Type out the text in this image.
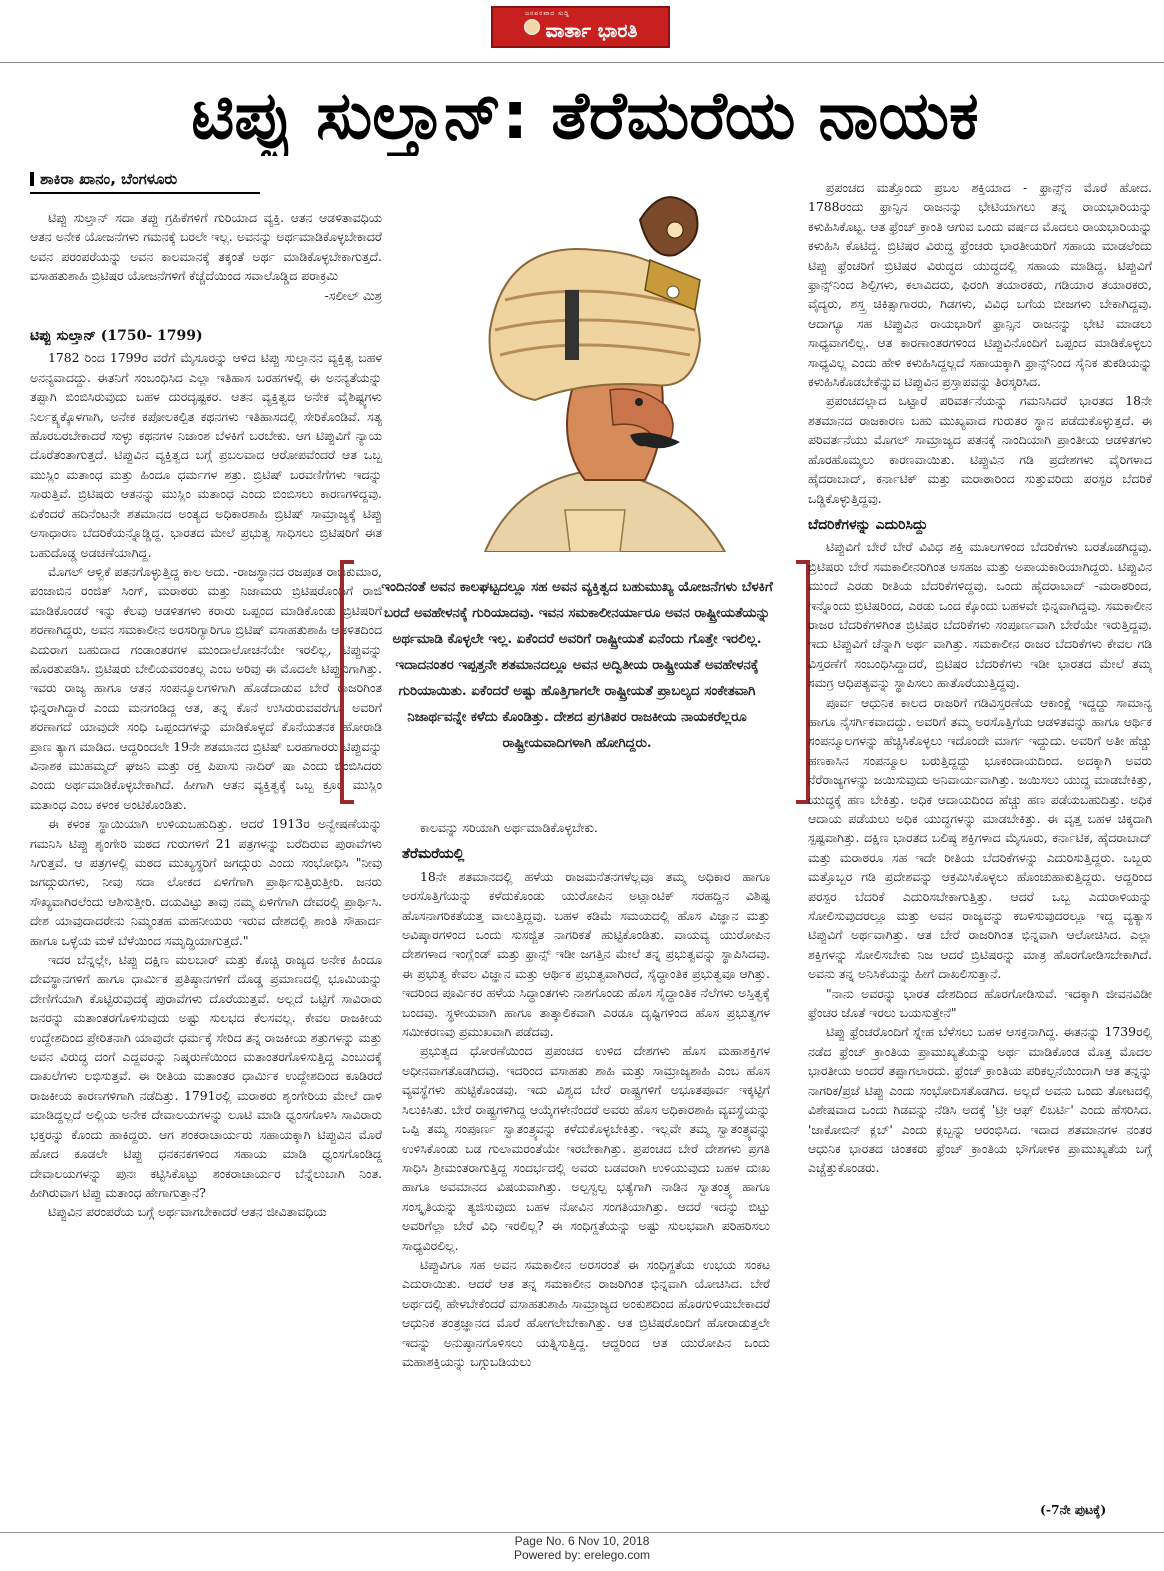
ಜನಪರವಾದ ಸುದ್ದಿ
ವಾರ್ತಾ ಭಾರತಿ
ಟಿಪ್ಪು ಸುಲ್ತಾನ್: ತೆರೆಮರೆಯ ನಾಯಕ
ಶಾಕಿರಾ ಖಾನಂ, ಬೆಂಗಳೂರು

ಟಿಪ್ಪು ಸುಲ್ತಾನ್ ಸದಾ ತಪ್ಪು ಗ್ರಹಿಕೆಗಳಿಗೆ ಗುರಿಯಾದ ವ್ಯಕ್ತಿ. ಆತನ ಆಡಳಿತಾವಧಿಯ ಆತನ ಅನೇಕ ಯೋಜನೆಗಳು ಗಮನಕ್ಕೆ ಬರಲೇ ಇಲ್ಲ. ಅವನನ್ನು ಅರ್ಥಮಾಡಿಕೊಳ್ಳಬೇಕಾದರೆ ಅವನ ಪರಂಪರೆಯನ್ನು ಅವನ ಕಾಲಮಾನಕ್ಕೆ ತಕ್ಕಂತೆ ಅರ್ಥ ಮಾಡಿಕೊಳ್ಳಬೇಕಾಗುತ್ತದೆ. ವಸಾಹತುಶಾಹಿ ಬ್ರಿಟಿಷರ ಯೋಜನೆಗಳಿಗೆ ಕೆಚ್ಚೆದೆಯಿಂದ ಸವಾಲೊಡ್ಡಿದ ಪರಾಕ್ರಮಿ

-ಸಲೀಲ್ ಮಿಶ್ರ

ಟಿಪ್ಪು ಸುಲ್ತಾನ್ (1750- 1799)

1782 ರಿಂದ 1799ರ ವರೆಗೆ ಮೈಸೂರನ್ನು ಆಳಿದ ಟಿಪ್ಪು ಸುಲ್ತಾನನ ವ್ಯಕ್ತಿತ್ವ ಬಹಳ ಅನನ್ಯವಾದದ್ದು. ಈತನಿಗೆ ಸಂಬಂಧಿಸಿದ ಎಲ್ಲಾ ಇತಿಹಾಸ ಬರಹಗಳಲ್ಲಿ ಈ ಅನನ್ಯತೆಯನ್ನು ತಪ್ಪಾಗಿ ಬಿಂಬಿಸಿರುವುದು ಬಹಳ ದುರದೃಷ್ಟಕರ. ಆತನ ವ್ಯಕ್ತಿತ್ವದ ಅನೇಕ ವೈಶಿಷ್ಟ್ಯಗಳು ನಿರ್ಲಕ್ಷ್ಯಕ್ಕೊಳಗಾಗಿ, ಅನೇಕ ಕಪೋಲಕಲ್ಪಿತ ಕಥನಗಳು ಇತಿಹಾಸದಲ್ಲಿ ಸೇರಿಕೊಂಡಿವೆ. ಸತ್ಯ ಹೊರಬರಬೇಕಾದರೆ ಸುಳ್ಳು ಕಥನಗಳ ನಿಜಾಂಶ ಬೆಳಕಿಗೆ ಬರಬೇಕು. ಆಗ ಟಿಪ್ಪುವಿಗೆ ನ್ಯಾಯ ದೊರೆತಂತಾಗುತ್ತದೆ. ಟಿಪ್ಪುವಿನ ವ್ಯಕ್ತಿತ್ವದ ಬಗ್ಗೆ ಪ್ರಬಲವಾದ ಆರೋಪವೆಂದರೆ ಆತ ಒಬ್ಬ ಮುಸ್ಲಿಂ ಮತಾಂಧ ಮತ್ತು ಹಿಂದೂ ಧರ್ಮಗಳ ಶತ್ರು. ಬ್ರಿಟಿಷ್ ಬರವಣಿಗೆಗಳು ಇದನ್ನು ಸಾರುತ್ತಿವೆ. ಬ್ರಿಟಿಷರು ಆತನನ್ನು ಮುಸ್ಲಿಂ ಮತಾಂಧ ಎಂದು ಬಿಂಬಿಸಲು ಕಾರಣಗಳಿದ್ದವು. ಏಕೆಂದರೆ ಹದಿನೆಂಟನೇ ಶತಮಾನದ ಅಂತ್ಯದ ಅಧಿಕಾರಶಾಹಿ ಬ್ರಿಟಿಷ್ ಸಾಮ್ರಾಜ್ಯಕ್ಕೆ ಟಿಪ್ಪು ಅಸಾಧಾರಣ ಬೆದರಿಕೆಯನ್ನೊಡ್ಡಿದ್ದ. ಭಾರತದ ಮೇಲೆ ಪ್ರಭುತ್ವ ಸಾಧಿಸಲು ಬ್ರಿಟಿಷರಿಗೆ ಈತ ಬಹುದೊಡ್ಡ ಅಡಚಣೆಯಾಗಿದ್ದ.

ಮೊಗಲ್ ಆಳ್ವಿಕೆ ಪತನಗೊಳ್ಳುತ್ತಿದ್ದ ಕಾಲ ಅದು. -ರಾಜಸ್ಥಾನದ ರಜಪೂತ ರಾಜಕುಮಾರ, ಪಂಜಾಬಿನ ರಂಜಿತ್ ಸಿಂಗ್, ಮರಾಠರು ಮತ್ತು ನಿಜಾಮರು ಬ್ರಿಟಿಷರೊಂದಿಗೆ ರಾಜಿ ಮಾಡಿಕೊಂಡರೆ ಇನ್ನು ಕೆಲವು ಆಡಳಿತಗಳು ಕರಾರು ಒಪ್ಪಂದ ಮಾಡಿಕೊಂಡು ಬ್ರಿಟಿಷರಿಗೆ ಶರಣಾಗಿದ್ದರು, ಅವನ ಸಮಕಾಲೀನ ಅರಸರಿಗ್ಯಾರಿಗೂ ಬ್ರಿಟಿಷ್ ವಸಾಹತುಶಾಹಿ ಆಡಳಿತದಿಂದ ಎದುರಾಗ ಬಹುದಾದ ಗಂಡಾಂತರಗಳ ಮುಂದಾಲೋಚನೆಯೇ ಇರಲಿಲ್ಲ, ಟಿಪ್ಪುವನ್ನು ಹೊರತುಪಡಿಸಿ. ಬ್ರಿಟಿಷರು ಬೇಲಿಯವರಂತಲ್ಲ ಎಂಬ ಅರಿವು ಈ ಮೊದಲೇ ಟಿಪ್ಪುವಿಗಾಗಿತ್ತು. ಇವರು ರಾಜ್ಯ ಹಾಗೂ ಆತನ ಸಂಪನ್ಮೂಲಗಳಿಗಾಗಿ ಹೊಡೆದಾಡುವ ಬೇರೆ ರಾಜರಿಗಿಂತ ಭಿನ್ನರಾಗಿದ್ದಾರೆ ಎಂದು ಮನಗಂಡಿದ್ದ ಆತ, ತನ್ನ ಕೊನೆ ಉಸಿರುರುವವರೆಗೂ ಅವರಿಗೆ ಶರಣಾಗದೆ ಯಾವುದೇ ಸಂಧಿ ಒಪ್ಪಂದಗಳನ್ನು ಮಾಡಿಕೊಳ್ಳದೆ ಕೊನೆಯತನಕ ಹೋರಾಡಿ ಪ್ರಾಣ ತ್ಯಾಗ ಮಾಡಿದ. ಆದ್ದರಿಂದಲೇ 19ನೇ ಶತಮಾನದ ಬ್ರಿಟಿಷ್ ಬರಹಗಾರರು ಟಿಪ್ಪುವನ್ನು ವಿನಾಶಕ ಮುಹಮ್ಮದ್ ಘಜನಿ ಮತ್ತು ರಕ್ತ ಪಿಪಾಸು ನಾದಿರ್ ಷಾ ಎಂದು ಬಿಂಬಿಸಿದರು ಎಂದು ಅರ್ಥಮಾಡಿಕೊಳ್ಳಬೇಕಾಗಿದೆ. ಹೀಗಾಗಿ ಆತನ ವ್ಯಕ್ತಿತ್ವಕ್ಕೆ ಒಬ್ಬ ಕ್ರೂರ ಮುಸ್ಲಿಂ ಮತಾಂಧ ಎಂಬ ಕಳಂಕ ಅಂಟಿಕೊಂಡಿತು.

ಈ ಕಳಂಕ ಸ್ಥಾಯಿಯಾಗಿ ಉಳಿಯಬಹುದಿತ್ತು. ಆದರೆ 1913ರ ಅನ್ವೇಷಣೆಯನ್ನು ಗಮನಿಸಿ ಟಿಪ್ಪು ಶೃಂಗೇರಿ ಮಠದ ಗುರುಗಳಿಗೆ 21 ಪತ್ರಗಳನ್ನು ಬರೆದಿರುವ ಪುರಾವೆಗಳು ಸಿಗುತ್ತವೆ. ಆ ಪತ್ರಗಳಲ್ಲಿ ಮಠದ ಮುಖ್ಯಸ್ಥರಿಗೆ ಜಗದ್ಗುರು ಎಂದು ಸಂಭೋಧಿಸಿ "ನೀವು ಜಗದ್ಗುರುಗಳು, ನೀವು ಸದಾ ಲೋಕದ ಏಳಿಗೆಗಾಗಿ ಪ್ರಾರ್ಥಿಸುತ್ತಿರುತ್ತೀರಿ. ಜನರು ಸೌಖ್ಯವಾಗಿರಲೆಂದು ಆಶಿಸುತ್ತೀರಿ. ದಯವಿಟ್ಟು ತಾವು ನಮ್ಮ ಏಳಿಗೆಗಾಗಿ ದೇವರಲ್ಲಿ ಪ್ರಾರ್ಥಿಸಿ. ದೇಶ ಯಾವುದಾದರೇನು ನಿಮ್ಮಂತಹ ಮಹನೀಯರು ಇರುವ ದೇಶದಲ್ಲಿ ಶಾಂತಿ ಸೌಹಾರ್ದ ಹಾಗೂ ಒಳ್ಳೆಯ ಮಳೆ ಬೆಳೆಯಿಂದ ಸಮೃದ್ಧಿಯಾಗುತ್ತದೆ."

ಇದರ ಬೆನ್ನಲ್ಲೇ, ಟಿಪ್ಪು ದಕ್ಷಿಣ ಮಲಬಾರ್ ಮತ್ತು ಕೊಚ್ಚಿ ರಾಜ್ಯದ ಅನೇಕ ಹಿಂದೂ ದೇವಸ್ಥಾನಗಳಿಗೆ ಹಾಗೂ ಧಾರ್ಮಿಕ ಪ್ರತಿಷ್ಠಾನಗಳಿಗೆ ದೊಡ್ಡ ಪ್ರಮಾಣದಲ್ಲಿ ಭೂಮಿಯನ್ನು ದೇಣಿಗೆಯಾಗಿ ಕೊಟ್ಟಿರುವುದಕ್ಕೆ ಪುರಾವೆಗಳು ದೊರೆಯುತ್ತವೆ. ಅಲ್ಲದೆ ಒಟ್ಟಿಗೆ ಸಾವಿರಾರು ಜನರನ್ನು ಮತಾಂತರಗೊಳಿಸುವುದು ಅಷ್ಟು ಸುಲಭದ ಕೆಲಸವಲ್ಲ. ಕೇವಲ ರಾಜಕೀಯ ಉದ್ದೇಶದಿಂದ ಪ್ರೇರಿತನಾಗಿ ಯಾವುದೇ ಧರ್ಮಕ್ಕೆ ಸೇರಿದ ತನ್ನ ರಾಜಕೀಯ ಶತ್ರುಗಳನ್ನು ಮತ್ತು ಅವನ ವಿರುದ್ಧ ದಂಗೆ ಎದ್ದವರನ್ನು ನಿಷ್ಕರುಣೆಯಿಂದ ಮತಾಂತರಗೊಳಿಸುತ್ತಿದ್ದ ಎಂಬುದಕ್ಕೆ ದಾಖಲೆಗಳು ಲಭಿಸುತ್ತವೆ. ಈ ರೀತಿಯ ಮತಾಂತರ ಧಾರ್ಮಿಕ ಉದ್ದೇಶದಿಂದ ಕೂಡಿರದೆ ರಾಜಕೀಯ ಕಾರಣಗಳಿಗಾಗಿ ನಡೆದಿತ್ತು. 1791ರಲ್ಲಿ ಮರಾಠರು ಶೃಂಗೇರಿಯ ಮೇಲೆ ದಾಳಿ ಮಾಡಿದ್ದಲ್ಲದೆ ಅಲ್ಲಿಯ ಅನೇಕ ದೇವಾಲಯಗಳನ್ನು ಲೂಟಿ ಮಾಡಿ ಧ್ವಂಸಗೊಳಿಸಿ ಸಾವಿರಾರು ಭಕ್ತರನ್ನು ಕೊಂದು ಹಾಕಿದ್ದರು. ಆಗ ಶಂಕರಾಚಾರ್ಯರು ಸಹಾಯಕ್ಕಾಗಿ ಟಿಪ್ಪುವಿನ ಮೊರೆ ಹೋದ ಕೂಡಲೇ ಟಿಪ್ಪು ಧನಕನಕಗಳಿಂದ ಸಹಾಯ ಮಾಡಿ ಧ್ವಂಸಗೊಂಡಿದ್ದ ದೇವಾಲಯಗಳನ್ನು ಪುನಃ ಕಟ್ಟಿಸಿಕೊಟ್ಟು ಶಂಕರಾಚಾರ್ಯರ ಬೆನ್ನೆಲುಬಾಗಿ ನಿಂತ. ಹೀಗಿರುವಾಗ ಟಿಪ್ಪು ಮತಾಂಧ ಹೇಗಾಗುತ್ತಾನೆ?

ಟಿಪ್ಪುವಿನ ಪರಂಪರೆಯ ಬಗ್ಗೆ ಅರ್ಥವಾಗಬೇಕಾದರೆ ಆತನ ಜೀವಿತಾವಧಿಯ

ಇಂದಿನಂತೆ ಅವನ ಕಾಲಘಟ್ಟದಲ್ಲೂ ಸಹ ಅವನ ವ್ಯಕ್ತಿತ್ವದ ಬಹುಮುಖ್ಯ ಯೋಜನೆಗಳು ಬೆಳಕಿಗೆ ಬರದೆ ಅವಹೇಳನಕ್ಕೆ ಗುರಿಯಾದವು. ಇವನ ಸಮಕಾಲೀನರ್ಯಾರೂ ಅವನ ರಾಷ್ಟ್ರೀಯತೆಯನ್ನು ಅರ್ಥಮಾಡಿ ಕೊಳ್ಳಲೇ ಇಲ್ಲ. ಏಕೆಂದರೆ ಅವರಿಗೆ ರಾಷ್ಟ್ರೀಯತೆ ಏನೆಂದು ಗೊತ್ತೇ ಇರಲಿಲ್ಲ. ಇದಾದನಂತರ ಇಪ್ಪತ್ತನೇ ಶತಮಾನದಲ್ಲೂ ಅವನ ಅದ್ವಿತೀಯ ರಾಷ್ಟ್ರೀಯತೆ ಅವಹೇಳನಕ್ಕೆ ಗುರಿಯಾಯಿತು. ಏಕೆಂದರೆ ಅಷ್ಟು ಹೊತ್ತಿಗಾಗಲೇ ರಾಷ್ಟ್ರೀಯತೆ ಪ್ರಾಬಲ್ಯದ ಸಂಕೇತವಾಗಿ ನಿಜಾರ್ಥವನ್ನೇ ಕಳೆದು ಕೊಂಡಿತ್ತು. ದೇಶದ ಪ್ರಗತಿಪರ ರಾಜಕೀಯ ನಾಯಕರೆಲ್ಲರೂ ರಾಷ್ಟ್ರೀಯವಾದಿಗಳಾಗಿ ಹೋಗಿದ್ದರು.

ಕಾಲವನ್ನು ಸರಿಯಾಗಿ ಅರ್ಥಮಾಡಿಕೊಳ್ಳಬೇಕು.

ತೆರೆಮರೆಯಲ್ಲಿ

18ನೇ ಶತಮಾನದಲ್ಲಿ ಹಳೆಯ ರಾಜಮನೆತನಗಳೆಲ್ಲವೂ ತಮ್ಮ ಅಧಿಕಾರ ಹಾಗೂ ಅರಸೊತ್ತಿಗೆಯನ್ನು ಕಳೆದುಕೊಂಡು ಯುರೋಪಿನ ಅಟ್ಲಾಂಟಿಕ್ ಸರಹದ್ದಿನ ವಿಶಿಷ್ಟ ಹೊಸನಾಗರಿಕತೆಯತ್ತ ವಾಲುತ್ತಿದ್ದವು. ಬಹಳ ಕಡಿಮೆ ಸಮಯದಲ್ಲಿ ಹೊಸ ವಿಜ್ಞಾನ ಮತ್ತು ಅವಿಷ್ಕಾರಗಳಿಂದ ಒಂದು ಸುಸಜ್ಜಿತ ನಾಗರಿಕತೆ ಹುಟ್ಟಿಕೊಂಡಿತು. ವಾಯವ್ಯ ಯುರೋಪಿನ ದೇಶಗಳಾದ ಇಂಗ್ಲೆಂಡ್ ಮತ್ತು ಫ್ರಾನ್ಸ್ ಇಡೀ ಜಗತ್ತಿನ ಮೇಲೆ ತನ್ನ ಪ್ರಭುತ್ವವನ್ನು ಸ್ಥಾಪಿಸಿದವು. ಈ ಪ್ರಭುತ್ವ ಕೇವಲ ವಿಜ್ಞಾನ ಮತ್ತು ಆರ್ಥಿಕ ಪ್ರಭುತ್ವವಾಗಿರದೆ, ಸೈದ್ಧಾಂತಿಕ ಪ್ರಭುತ್ವವೂ ಆಗಿತ್ತು. ಇದರಿಂದ ಪೂರ್ವಿಕರ ಹಳೆಯ ಸಿದ್ಧಾಂತಗಳು ನಾಶಗೊಂಡು ಹೊಸ ಸೈದ್ಧಾಂತಿಕ ನೆಲೆಗಳು ಅಸ್ತಿತ್ವಕ್ಕೆ ಬಂದವು. ಸ್ಥಳೀಯವಾಗಿ ಹಾಗೂ ತಾತ್ಕಾಲಿಕವಾಗಿ ಎರಡೂ ದೃಷ್ಟಿಗಳಿಂದ ಹೊಸ ಪ್ರಭುತ್ವಗಳ ಸಮೀಕರಣವು ಪ್ರಮುಖವಾಗಿ ಪಡೆದವು.

ಪ್ರಭುತ್ವದ ಧೋರಣೆಯಿಂದ ಪ್ರಪಂಚದ ಉಳಿದ ದೇಶಗಳು ಹೊಸ ಮಹಾಶಕ್ತಿಗಳ ಅಧೀನವಾಗತೊಡಗಿದವು. ಇದರಿಂದ ವಸಾಹತು ಶಾಹಿ ಮತ್ತು ಸಾಮ್ರಾಜ್ಯಶಾಹಿ ಎಂಬ ಹೊಸ ವ್ಯವಸ್ಥೆಗಳು ಹುಟ್ಟಿಕೊಂಡವು. ಇದು ವಿಶ್ವದ ಬೇರೆ ರಾಷ್ಟ್ರಗಳಿಗೆ ಅಭೂತಪೂರ್ವ ಇಕ್ಕಟ್ಟಿಗೆ ಸಿಲುಕಿಸಿತು. ಬೇರೆ ರಾಷ್ಟ್ರಗಳಿಗಿದ್ದ ಆಯ್ಕೆಗಳೇನೆಂದರೆ ಅವರು ಹೊಸ ಅಧಿಕಾರಶಾಹಿ ವ್ಯವಸ್ಥೆಯನ್ನು ಒಪ್ಪಿ ತಮ್ಮ ಸಂಪೂರ್ಣ ಸ್ವಾತಂತ್ರ್ಯವನ್ನು ಕಳೆದುಕೊಳ್ಳಬೇಕಿತ್ತು. ಇಲ್ಲವೇ ತಮ್ಮ ಸ್ವಾತಂತ್ರ್ಯವನ್ನು ಉಳಿಸಿಕೊಂಡು ಬಡ ಗುಲಾಮರಂತೆಯೇ ಇರಬೇಕಾಗಿತ್ತು. ಪ್ರಪಂಚದ ಬೇರೆ ದೇಶಗಳು ಪ್ರಗತಿ ಸಾಧಿಸಿ ಶ್ರೀಮಂತರಾಗುತ್ತಿದ್ದ ಸಂದರ್ಭದಲ್ಲಿ ಅವರು ಬಡವರಾಗಿ ಉಳಿಯುವುದು ಬಹಳ ದುಃಖ ಹಾಗೂ ಅವಮಾನದ ವಿಷಯವಾಗಿತ್ತು. ಅಲ್ಪಸ್ವಲ್ಪ ಭತ್ಯೆಗಾಗಿ ನಾಡಿನ ಸ್ವಾತಂತ್ರ್ಯ ಹಾಗೂ ಸಂಸ್ಕೃತಿಯನ್ನು ತ್ಯಜಿಸುವುದು ಬಹಳ ನೋವಿನ ಸಂಗತಿಯಾಗಿತ್ತು. ಆದರೆ ಇದನ್ನು ಬಿಟ್ಟು ಅವರಿಗೆಲ್ಲಾ ಬೇರೆ ವಿಧಿ ಇರಲಿಲ್ಲ? ಈ ಸಂಧಿಗ್ದತೆಯನ್ನು ಅಷ್ಟು ಸುಲಭವಾಗಿ ಪರಿಹರಿಸಲು ಸಾಧ್ಯವಿರಲಿಲ್ಲ.

ಟಿಪ್ಪುವಿಗೂ ಸಹ ಅವನ ಸಮಕಾಲೀನ ಅರಸರಂತೆ ಈ ಸಂಧಿಗ್ದತೆಯ ಉಭಯ ಸಂಕಟ ಎದುರಾಯಿತು. ಆದರೆ ಆತ ತನ್ನ ಸಮಕಾಲೀನ ರಾಜರಿಗಿಂತ ಭಿನ್ನವಾಗಿ ಯೋಚಿಸಿದ. ಬೇರೆ ಅರ್ಥದಲ್ಲಿ ಹೇಳಬೇಕೆಂದರೆ ವಸಾಹತುಶಾಹಿ ಸಾಮ್ರಾಜ್ಯದ ಅಂಕುಶದಿಂದ ಹೊರಗುಳಿಯಬೇಕಾದರೆ ಆಧುನಿಕ ತಂತ್ರಜ್ಞಾನದ ಮೊರೆ ಹೋಗಲೇಬೇಕಾಗಿತ್ತು. ಆತ ಬ್ರಿಟಿಷರೊಂದಿಗೆ ಹೋರಾಡುತ್ತಲೇ ಇದನ್ನು ಅನುಷ್ಠಾನಗೊಳಿಸಲು ಯತ್ನಿಸುತ್ತಿದ್ದ. ಆದ್ದರಿಂದ ಆತ ಯುರೋಪಿನ ಒಂದು ಮಹಾಶಕ್ತಿಯನ್ನು ಬಗ್ಗುಬಡಿಯಲು

ಪ್ರಪಂಚದ ಮತ್ತೊಂದು ಪ್ರಬಲ ಶಕ್ತಿಯಾದ - ಫ್ರಾನ್ಸ್‌ನ ಮೊರೆ ಹೋದ. 1788ರಂದು ಫ್ರಾನ್ಸಿನ ರಾಜನನ್ನು ಭೇಟಿಯಾಗಲು ತನ್ನ ರಾಯಭಾರಿಯನ್ನು ಕಳುಹಿಸಿಕೊಟ್ಟ. ಆತ ಫ್ರೆಂಚ್ ಕ್ರಾಂತಿ ಆಗುವ ಒಂದು ವರ್ಷದ ಮೊದಲು ರಾಯಭಾರಿಯನ್ನು ಕಳುಹಿಸಿ ಕೊಟಿದ್ದ. ಬ್ರಿಟಿಷರ ವಿರುದ್ಧ ಫ್ರೆಂಚರು ಭಾರತೀಯರಿಗೆ ಸಹಾಯ ಮಾಡಲೆಂದು ಟಿಪ್ಪು ಫ್ರೆಂಚರಿಗೆ ಬ್ರಿಟಿಷರ ವಿರುದ್ಧದ ಯುದ್ಧದಲ್ಲಿ ಸಹಾಯ ಮಾಡಿದ್ದ. ಟಿಪ್ಪುವಿಗೆ ಫ್ರಾನ್ಸ್‌ನಿಂದ ಶಿಲ್ಪಿಗಳು, ಕಲಾವಿದರು, ಫಿರಂಗಿ ತಯಾರಕರು, ಗಡಿಯಾರ ತಯಾರಕರು, ವೈದ್ಯರು, ಶಸ್ತ್ರ ಚಿಕಿತ್ಸಾಗಾರರು, ಗಿಡಗಳು, ವಿವಿಧ ಬಗೆಯ ಬೀಜಗಳು ಬೇಕಾಗಿದ್ದವು. ಆದಾಗ್ಯೂ ಸಹ ಟಿಪ್ಪುವಿನ ರಾಯಭಾರಿಗೆ ಫ್ರಾನ್ಸಿನ ರಾಜನನ್ನು ಭೇಟಿ ಮಾಡಲು ಸಾಧ್ಯವಾಗಲಿಲ್ಲ. ಆತ ಕಾರಣಾಂತರಗಳಿಂದ ಟಿಪ್ಪುವಿನೊಂದಿಗೆ ಒಪ್ಪಂದ ಮಾಡಿಕೊಳ್ಳಲು ಸಾಧ್ಯವಿಲ್ಲ ಎಂದು ಹೇಳಿ ಕಳುಹಿಸಿದ್ದಲ್ಲದೆ ಸಹಾಯಕ್ಕಾಗಿ ಫ್ರಾನ್ಸ್‌ನಿಂದ ಸೈನಿಕ ತುಕಡಿಯನ್ನು ಕಳುಹಿಸಿಕೊಡಬೇಕೆನ್ನುವ ಟಿಪ್ಪುವಿನ ಪ್ರಸ್ತಾಪವನ್ನು ತಿರಸ್ಕರಿಸಿದ.

ಪ್ರಪಂಚದಲ್ಲಾದ ಒಟ್ಟಾರೆ ಪರಿವರ್ತನೆಯನ್ನು ಗಮನಿಸಿದರೆ ಭಾರತದ 18ನೇ ಶತಮಾನದ ರಾಜಕಾರಣ ಬಹು ಮುಖ್ಯವಾದ ಗುರುತರ ಸ್ಥಾನ ಪಡೆದುಕೊಳ್ಳುತ್ತದೆ. ಈ ಪರಿವರ್ತನೆಯು ಮೊಗಲ್ ಸಾಮ್ರಾಜ್ಯದ ಪತನಕ್ಕೆ ನಾಂದಿಯಾಗಿ ಪ್ರಾಂತೀಯ ಆಡಳಿತಗಳು ಹೊರಹೊಮ್ಮಲು ಕಾರಣವಾಯಿತು. ಟಿಪ್ಪುವಿನ ಗಡಿ ಪ್ರದೇಶಗಳು ವೈರಿಗಳಾದ ಹೈದರಾಬಾದ್, ಕರ್ನಾಟಿಕ್ ಮತ್ತು ಮರಾಠಾರಿಂದ ಸುತ್ತುವರಿದು ಪರಸ್ಪರ ಬೆದರಿಕೆ ಒಡ್ಡಿಕೊಳ್ಳುತ್ತಿದ್ದವು.

ಬೆದರಿಕೆಗಳನ್ನು ಎದುರಿಸಿದ್ದು

ಟಿಪ್ಪುವಿಗೆ ಬೇರೆ ಬೇರೆ ವಿವಿಧ ಶಕ್ತಿ ಮೂಲಗಳಿಂದ ಬೆದರಿಕೆಗಳು ಬರತೊಡಗಿದ್ದವು. ಬ್ರಿಟಿಷರು ಬೇರೆ ಸಮಕಾಲೀನರಿಗಿಂತ ಅಸಹಜ ಮತ್ತು ಅಪಾಯಕಾರಿಯಾಗಿದ್ದರು. ಟಿಪ್ಪುವಿನ ಮುಂದೆ ಎರಡು ರೀತಿಯ ಬೆದರಿಕೆಗಳಿದ್ದವು. ಒಂದು ಹೈದರಾಬಾದ್ -ಮರಾಠರಿಂದ, ಇನ್ನೊಂದು ಬ್ರಿಟಿಷರಿಂದ, ಎರಡು ಒಂದ ಕ್ಕೊಂದು ಬಹಳವೇ ಭಿನ್ನವಾಗಿದ್ದವು. ಸಮಕಾಲೀನ ರಾಜರ ಬೆದರಿಕೆಗಳಿಗಿಂತ ಬ್ರಿಟಿಷರ ಬೆದರಿಕೆಗಳು ಸಂಪೂರ್ಣವಾಗಿ ಬೇರೆಯೇ ಇರುತ್ತಿದ್ದವು. ಇದು ಟಿಪ್ಪುವಿಗೆ ಚೆನ್ನಾಗಿ ಅರ್ಥ ವಾಗಿತ್ತು. ಸಮಕಾಲೀನ ರಾಜರ ಬೆದರಿಕೆಗಳು ಕೇವಲ ಗಡಿ ವಿಸ್ತರಣೆಗೆ ಸಂಬಂಧಿಸಿದ್ದಾದರೆ, ಬ್ರಿಟಿಷರ ಬೆದರಿಕೆಗಳು ಇಡೀ ಭಾರತದ ಮೇಲೆ ತಮ್ಮ ಸಮಗ್ರ ಆಧಿಪತ್ಯವನ್ನು ಸ್ಥಾಪಿಸಲು ಹಾತೊರೆಯುತ್ತಿದ್ದವು.

ಪೂರ್ವ ಆಧುನಿಕ ಕಾಲದ ರಾಜರಿಗೆ ಗಡಿವಿಸ್ತರಣೆಯ ಆಕಾಂಕ್ಷೆ ಇದ್ದದ್ದು ಸಾಮಾನ್ಯ ಹಾಗೂ ನೈಸರ್ಗಿಕವಾದದ್ದು. ಅವರಿಗೆ ತಮ್ಮ ಅರಸೊತ್ತಿಗೆಯ ಆಡಳಿತವನ್ನು ಹಾಗೂ ಆರ್ಥಿಕ ಸಂಪನ್ಮೂಲಗಳನ್ನು ಹೆಚ್ಚಿಸಿಕೊಳ್ಳಲು ಇದೊಂದೇ ಮಾರ್ಗ ಇದ್ದುದು. ಅವರಿಗೆ ಅತೀ ಹೆಚ್ಚು ಹಣಕಾಸಿನ ಸಂಪನ್ಮೂಲ ಬರುತ್ತಿದ್ದದ್ದು ಭೂಕಂದಾಯದಿಂದ. ಅದಕ್ಕಾಗಿ ಅವರು ನೆರೆರಾಜ್ಯಗಳನ್ನು ಜಯಿಸುವುದು ಅನಿವಾರ್ಯವಾಗಿತ್ತು. ಜಯಿಸಲು ಯುದ್ಧ ಮಾಡಬೇಕಿತ್ತು, ಯುದ್ಧಕ್ಕೆ ಹಣ ಬೇಕಿತ್ತು. ಅಧಿಕ ಆದಾಯದಿಂದ ಹೆಚ್ಚು ಹಣ ಪಡೆಯಬಹುದಿತ್ತು. ಅಧಿಕ ಆದಾಯ ಪಡೆಯಲು ಅಧಿಕ ಯುದ್ಧಗಳನ್ನು ಮಾಡಬೇಕಿತ್ತು. ಈ ವೃತ್ತ ಬಹಳ ಚಿಕ್ಕದಾಗಿ ಸ್ಪಷ್ಟವಾಗಿತ್ತು. ದಕ್ಷಿಣ ಭಾರತದ ಬಲಿಷ್ಠ ಶಕ್ತಿಗಳಾದ ಮೈಸೂರು, ಕರ್ನಾಟಿಕ, ಹೈದರಾಬಾದ್ ಮತ್ತು ಮರಾಠರೂ ಸಹ ಇದೇ ರೀತಿಯ ಬೆದರಿಕೆಗಳನ್ನು ಎದುರಿಸುತ್ತಿದ್ದರು. ಒಬ್ಬರು ಮತ್ತೊಬ್ಬರ ಗಡಿ ಪ್ರದೇಶವನ್ನು ಆಕ್ರಮಿಸಿಕೊಳ್ಳಲು ಹೊಂಚುಹಾಕುತ್ತಿದ್ದರು. ಆದ್ದರಿಂದ ಪರಸ್ಪರ ಬೆದರಿಕೆ ಎದುರಿಸಬೇಕಾಗುತ್ತಿತ್ತು. ಆದರೆ ಒಬ್ಬ ಎದುರಾಳಿಯನ್ನು ಸೋಲಿಸುವುದರಲ್ಲೂ ಮತ್ತು ಅವನ ರಾಜ್ಯವನ್ನು ಕಬಳಿಸುವುದರಲ್ಲೂ ಇದ್ದ ವ್ಯತ್ಯಾಸ ಟಿಪ್ಪುವಿಗೆ ಅರ್ಥವಾಗಿತ್ತು. ಆತ ಬೇರೆ ರಾಜರಿಗಿಂತ ಭಿನ್ನವಾಗಿ ಆಲೋಚಿಸಿದ. ಎಲ್ಲಾ ಶಕ್ತಿಗಳನ್ನು ಸೋಲಿಸಬೇಕು ನಿಜ ಆದರೆ ಬ್ರಿಟಿಷರನ್ನು ಮಾತ್ರ ಹೊರಗೋಡಿಸಬೇಕಾಗಿದೆ. ಅವನು ತನ್ನ ಅನಿಸಿಕೆಯನ್ನು ಹೀಗೆ ದಾಖಲಿಸುತ್ತಾನೆ.

"ನಾನು ಅವರನ್ನು ಭಾರತ ದೇಶದಿಂದ ಹೊರಗೋಡಿಸುವೆ. ಇದಕ್ಕಾಗಿ ಜೀವನವಿಡೀ ಫ್ರೆಂಚರ ಜೊತೆ ಇರಲು ಬಯಸುತ್ತೇನೆ"

ಟಿಪ್ಪು ಫ್ರೆಂಚರೊಂದಿಗೆ ಸ್ನೇಹ ಬೆಳೆಸಲು ಬಹಳ ಆಸಕ್ತನಾಗಿದ್ದ. ಈತನನ್ನು 1739ರಲ್ಲಿ ನಡೆದ ಫ್ರೆಂಚ್ ಕ್ರಾಂತಿಯ ಪ್ರಾಮುಖ್ಯತೆಯನ್ನು ಅರ್ಥ ಮಾಡಿಕೊಂಡ ಮೊತ್ತ ಮೊದಲ ಭಾರತೀಯ ಅಂದರೆ ತಪ್ಪಾಗಲಾರದು. ಫ್ರೆಂಚ್ ಕ್ರಾಂತಿಯ ಪರಿಕಲ್ಪನೆಯಿಂದಾಗಿ ಆತ ತನ್ನನ್ನು ನಾಗರಿಕ/ಪ್ರಜೆ ಟಿಪ್ಪು ಎಂದು ಸಂಭೋದಿಸತೊಡಗಿದ. ಅಲ್ಲದೆ ಅವನು ಒಂದು ತೋಟದಲ್ಲಿ ವಿಶೇಷವಾದ ಒಂದು ಗಿಡವನ್ನು ನೆಡಿಸಿ ಅದಕ್ಕೆ 'ಟ್ರೀ ಆಫ್ ಲಿಬರ್ಟಿ' ಎಂದು ಹೆಸರಿಸಿದ. 'ಜಾಕೋಬಿನ್ ಕ್ಲಬ್' ಎಂದು ಕ್ಲಬ್ಬನ್ನು ಆರಂಭಿಸಿದ. ಇದಾದ ಶತಮಾನಗಳ ನಂತರ ಆಧುನಿಕ ಭಾರತದ ಚಿಂತಕರು ಫ್ರೆಂಚ್ ಕ್ರಾಂತಿಯ ಭೌಗೋಳಿಕ ಪ್ರಾಮುಖ್ಯತೆಯ ಬಗ್ಗೆ ಎಚ್ಚೆತ್ತುಕೊಂಡರು.

(-7ನೇ ಪುಟಕ್ಕೆ)
Page No. 6 Nov 10, 2018
Powered by: erelego.com
